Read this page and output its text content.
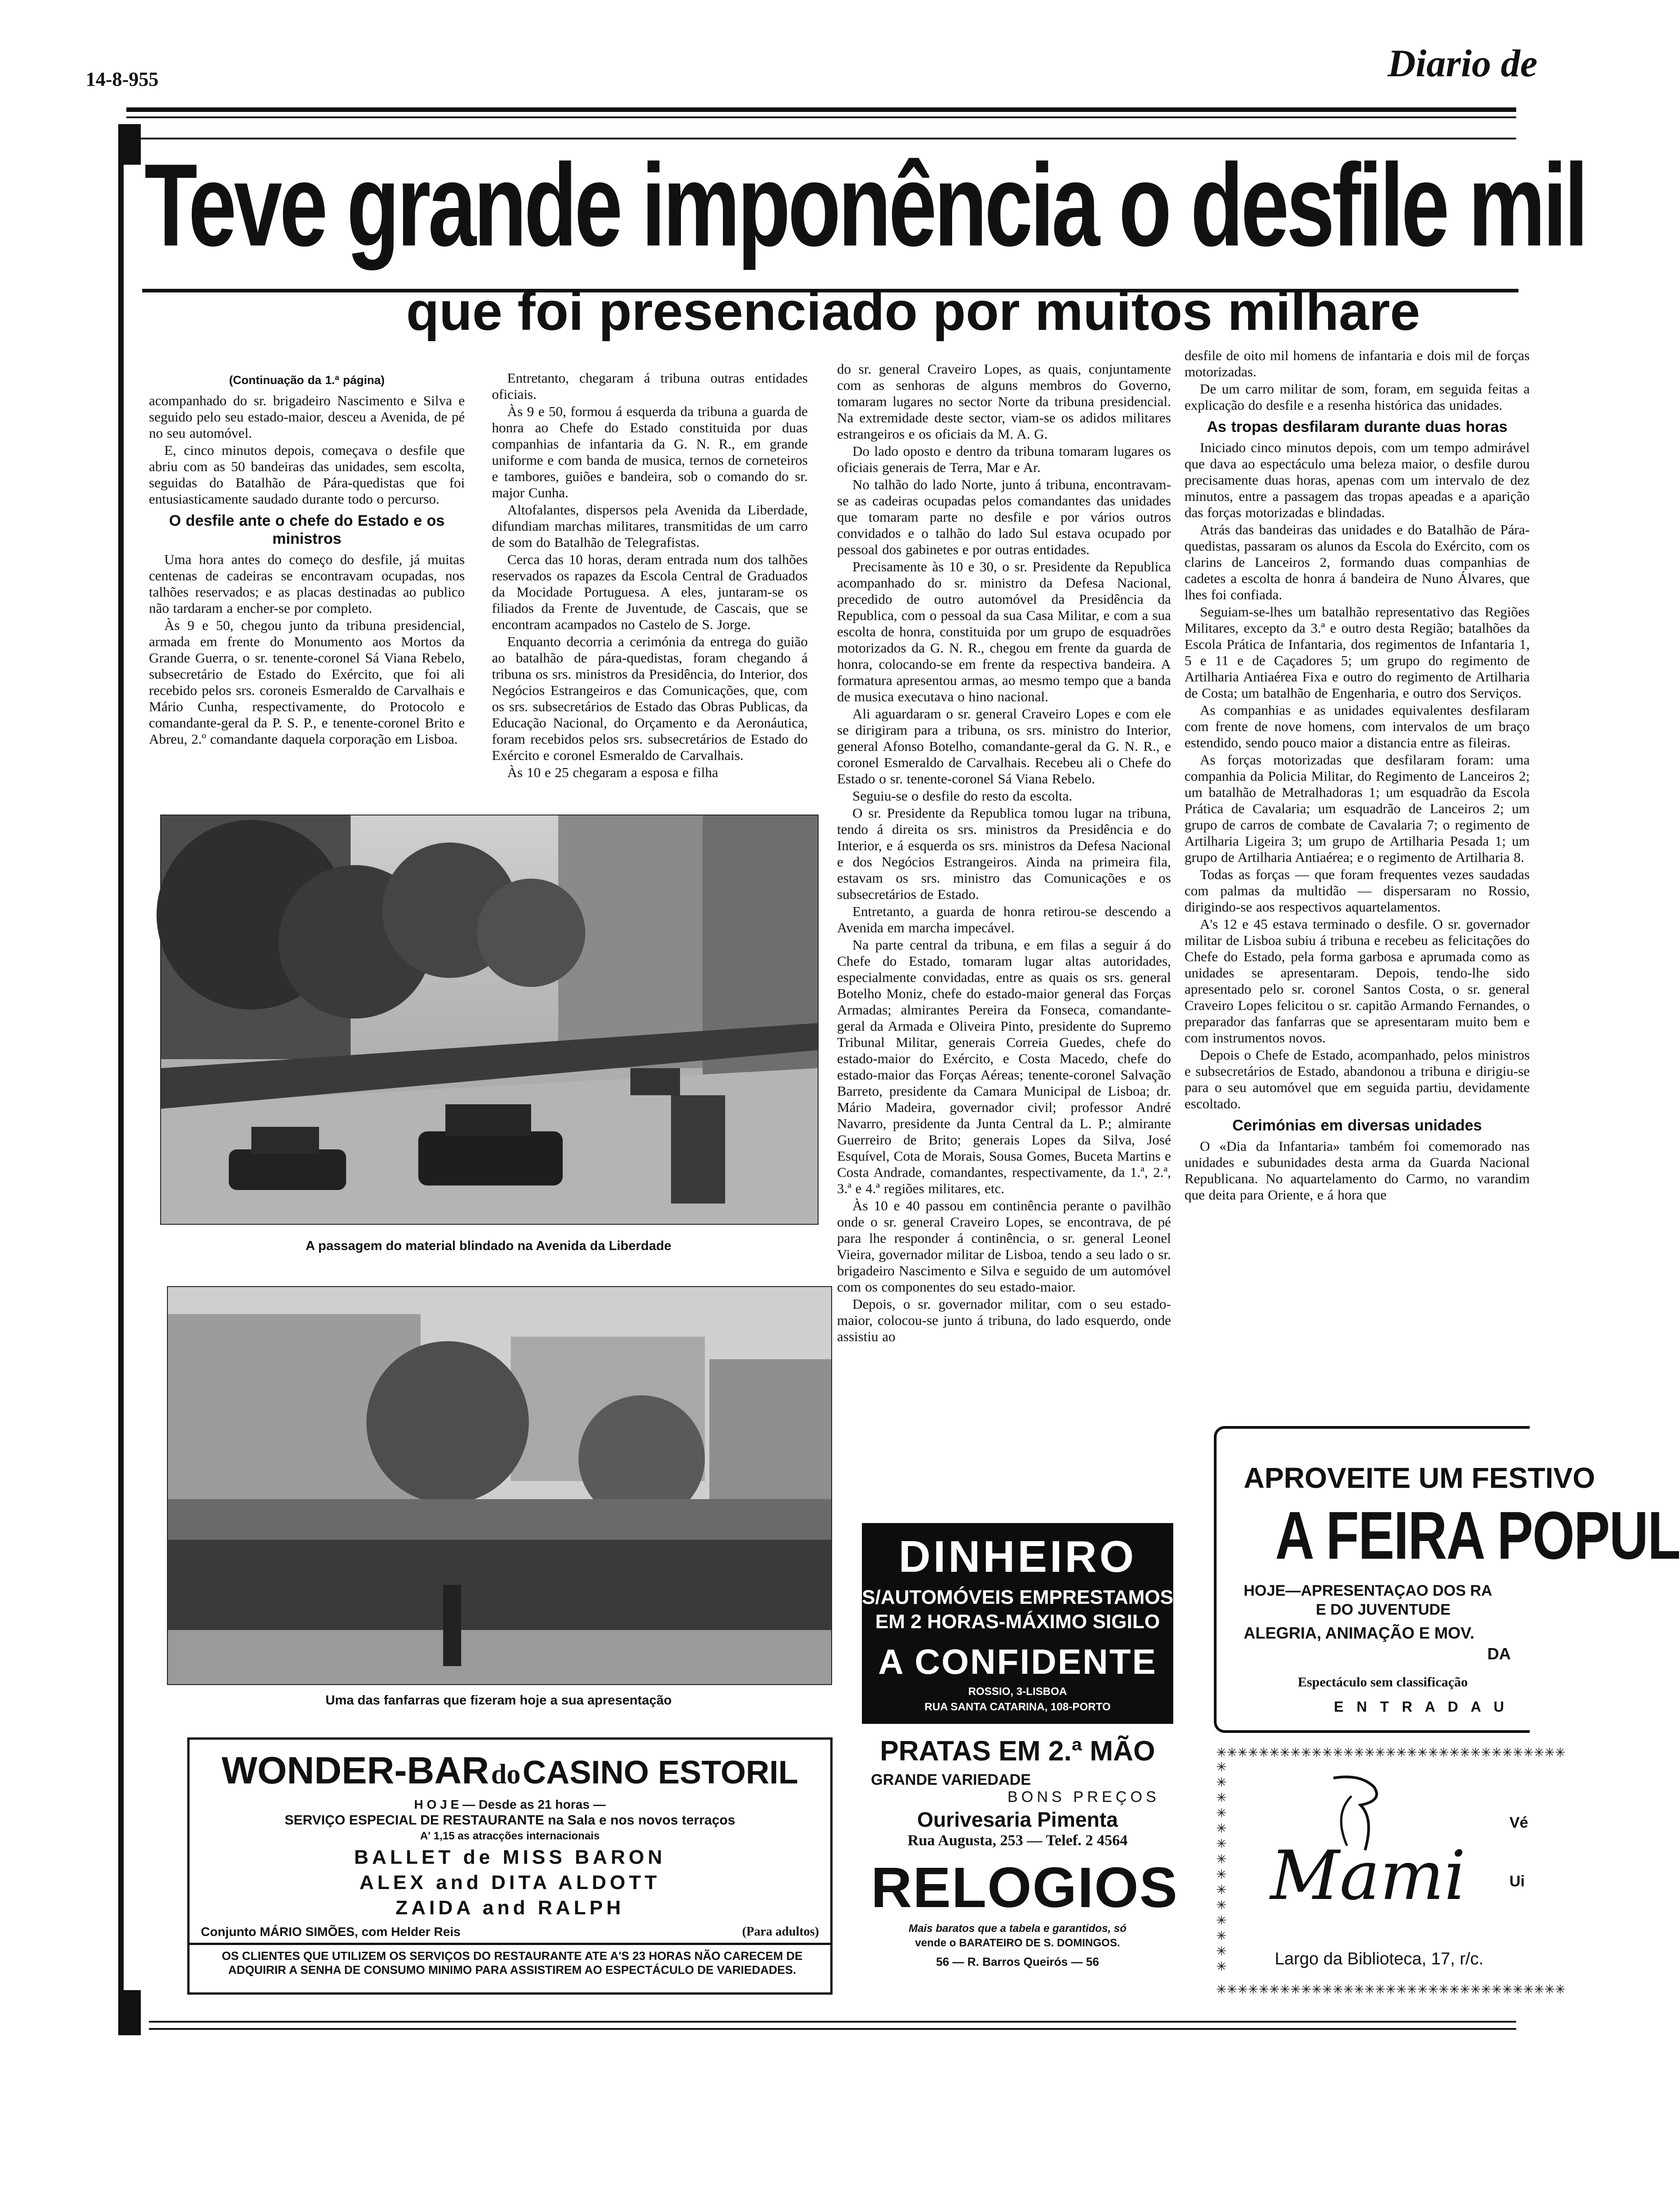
14-8-955	Diario de
Teve grande imponência o desfile mil
que foi presenciado por muitos milhare
(Continuação da 1.ª página)

acompanhado do sr. brigadeiro Nascimento e Silva e seguido pelo seu estado-maior, desceu a Avenida, de pé no seu automóvel.

E, cinco minutos depois, começava o desfile que abriu com as 50 bandeiras das unidades, sem escolta, seguidas do Batalhão de Pára-quedistas que foi entusiasticamente saudado durante todo o percurso.

O desfile ante o chefe do Estado e os ministros

Uma hora antes do começo do desfile, já muitas centenas de cadeiras se encontravam ocupadas, nos talhões reservados; e as placas destinadas ao publico não tardaram a encher-se por completo.

Às 9 e 50, chegou junto da tribuna presidencial, armada em frente do Monumento aos Mortos da Grande Guerra, o sr. tenente-coronel Sá Viana Rebelo, subsecretário de Estado do Exército, que foi ali recebido pelos srs. coroneis Esmeraldo de Carvalhais e Mário Cunha, respectivamente, do Protocolo e comandante-geral da P. S. P., e tenente-coronel Brito e Abreu, 2.º comandante daquela corporação em Lisboa.

Entretanto, chegaram á tribuna outras entidades oficiais.

Às 9 e 50, formou á esquerda da tribuna a guarda de honra ao Chefe do Estado constituida por duas companhias de infantaria da G. N. R., em grande uniforme e com banda de musica, ternos de corneteiros e tambores, guiões e bandeira, sob o comando do sr. major Cunha.

Altofalantes, dispersos pela Avenida da Liberdade, difundiam marchas militares, transmitidas de um carro de som do Batalhão de Telegrafistas.

Cerca das 10 horas, deram entrada num dos talhões reservados os rapazes da Escola Central de Graduados da Mocidade Portuguesa. A eles, juntaram-se os filiados da Frente de Juventude, de Cascais, que se encontram acampados no Castelo de S. Jorge.

Enquanto decorria a cerimónia da entrega do guião ao batalhão de pára-quedistas, foram chegando á tribuna os srs. ministros da Presidência, do Interior, dos Negócios Estrangeiros e das Comunicações, que, com os srs. subsecretários de Estado das Obras Publicas, da Educação Nacional, do Orçamento e da Aeronáutica, foram recebidos pelos srs. subsecretários de Estado do Exército e coronel Esmeraldo de Carvalhais.

Às 10 e 25 chegaram a esposa e filha

do sr. general Craveiro Lopes, as quais, conjuntamente com as senhoras de alguns membros do Governo, tomaram lugares no sector Norte da tribuna presidencial. Na extremidade deste sector, viam-se os adidos militares estrangeiros e os oficiais da M. A. G.

Do lado oposto e dentro da tribuna tomaram lugares os oficiais generais de Terra, Mar e Ar.

No talhão do lado Norte, junto á tribuna, encontravam-se as cadeiras ocupadas pelos comandantes das unidades que tomaram parte no desfile e por vários outros convidados e o talhão do lado Sul estava ocupado por pessoal dos gabinetes e por outras entidades.

Precisamente às 10 e 30, o sr. Presidente da Republica acompanhado do sr. ministro da Defesa Nacional, precedido de outro automóvel da Presidência da Republica, com o pessoal da sua Casa Militar, e com a sua escolta de honra, constituida por um grupo de esquadrões motorizados da G. N. R., chegou em frente da guarda de honra, colocando-se em frente da respectiva bandeira. A formatura apresentou armas, ao mesmo tempo que a banda de musica executava o hino nacional.

Ali aguardaram o sr. general Craveiro Lopes e com ele se dirigiram para a tribuna, os srs. ministro do Interior, general Afonso Botelho, comandante-geral da G. N. R., e coronel Esmeraldo de Carvalhais. Recebeu ali o Chefe do Estado o sr. tenente-coronel Sá Viana Rebelo.

Seguiu-se o desfile do resto da escolta.

O sr. Presidente da Republica tomou lugar na tribuna, tendo á direita os srs. ministros da Presidência e do Interior, e á esquerda os srs. ministros da Defesa Nacional e dos Negócios Estrangeiros. Ainda na primeira fila, estavam os srs. ministro das Comunicações e os subsecretários de Estado.

Entretanto, a guarda de honra retirou-se descendo a Avenida em marcha impecável.

Na parte central da tribuna, e em filas a seguir á do Chefe do Estado, tomaram lugar altas autoridades, especialmente convidadas, entre as quais os srs. general Botelho Moniz, chefe do estado-maior general das Forças Armadas; almirantes Pereira da Fonseca, comandante-geral da Armada e Oliveira Pinto, presidente do Supremo Tribunal Militar, generais Correia Guedes, chefe do estado-maior do Exército, e Costa Macedo, chefe do estado-maior das Forças Aéreas; tenente-coronel Salvação Barreto, presidente da Camara Municipal de Lisboa; dr. Mário Madeira, governador civil; professor André Navarro, presidente da Junta Central da L. P.; almirante Guerreiro de Brito; generais Lopes da Silva, José Esquível, Cota de Morais, Sousa Gomes, Buceta Martins e Costa Andrade, comandantes, respectivamente, da 1.ª, 2.ª, 3.ª e 4.ª regiões militares, etc.

Às 10 e 40 passou em continência perante o pavilhão onde o sr. general Craveiro Lopes, se encontrava, de pé para lhe responder á continência, o sr. general Leonel Vieira, governador militar de Lisboa, tendo a seu lado o sr. brigadeiro Nascimento e Silva e seguido de um automóvel com os componentes do seu estado-maior.

Depois, o sr. governador militar, com o seu estado-maior, colocou-se junto á tribuna, do lado esquerdo, onde assistiu ao

desfile de oito mil homens de infantaria e dois mil de forças motorizadas.

De um carro militar de som, foram, em seguida feitas a explicação do desfile e a resenha histórica das unidades.

As tropas desfilaram durante duas horas

Iniciado cinco minutos depois, com um tempo admirável que dava ao espectáculo uma beleza maior, o desfile durou precisamente duas horas, apenas com um intervalo de dez minutos, entre a passagem das tropas apeadas e a aparição das forças motorizadas e blindadas.

Atrás das bandeiras das unidades e do Batalhão de Pára-quedistas, passaram os alunos da Escola do Exército, com os clarins de Lanceiros 2, formando duas companhias de cadetes a escolta de honra á bandeira de Nuno Álvares, que lhes foi confiada.

Seguiam-se-lhes um batalhão representativo das Regiões Militares, excepto da 3.ª e outro desta Região; batalhões da Escola Prática de Infantaria, dos regimentos de Infantaria 1, 5 e 11 e de Caçadores 5; um grupo do regimento de Artilharia Antiaérea Fixa e outro do regimento de Artilharia de Costa; um batalhão de Engenharia, e outro dos Serviços.

As companhias e as unidades equivalentes desfilaram com frente de nove homens, com intervalos de um braço estendido, sendo pouco maior a distancia entre as fileiras.

As forças motorizadas que desfilaram foram: uma companhia da Policia Militar, do Regimento de Lanceiros 2; um batalhão de Metralhadoras 1; um esquadrão da Escola Prática de Cavalaria; um esquadrão de Lanceiros 2; um grupo de carros de combate de Cavalaria 7; o regimento de Artilharia Ligeira 3; um grupo de Artilharia Pesada 1; um grupo de Artilharia Antiaérea; e o regimento de Artilharia 8.

Todas as forças — que foram frequentes vezes saudadas com palmas da multidão — dispersaram no Rossio, dirigindo-se aos respectivos aquartelamentos.

A's 12 e 45 estava terminado o desfile. O sr. governador militar de Lisboa subiu á tribuna e recebeu as felicitações do Chefe do Estado, pela forma garbosa e aprumada como as unidades se apresentaram. Depois, tendo-lhe sido apresentado pelo sr. coronel Santos Costa, o sr. general Craveiro Lopes felicitou o sr. capitão Armando Fernandes, o preparador das fanfarras que se apresentaram muito bem e com instrumentos novos.

Depois o Chefe de Estado, acompanhado, pelos ministros e subsecretários de Estado, abandonou a tribuna e dirigiu-se para o seu automóvel que em seguida partiu, devidamente escoltado.

Cerimónias em diversas unidades

O «Dia da Infantaria» também foi comemorado nas unidades e subunidades desta arma da Guarda Nacional Republicana. No aquartelamento do Carmo, no varandim que deita para Oriente, e á hora que

A passagem do material blindado na Avenida da Liberdade
Uma das fanfarras que fizeram hoje a sua apresentação
WONDER-BAR do CASINO ESTORIL
H O J E — Desde as 21 horas —
SERVIÇO ESPECIAL DE RESTAURANTE na Sala e nos novos terraços
A' 1,15 as atracções internacionais
BALLET de MISS BARON
ALEX and DITA ALDOTT
ZAIDA and RALPH
Conjunto MÁRIO SIMÕES, com Helder Reis	(Para adultos)
OS CLIENTES QUE UTILIZEM OS SERVIÇOS DO RESTAURANTE ATE A'S 23 HORAS NÃO CARECEM DE ADQUIRIR A SENHA DE CONSUMO MINIMO PARA ASSISTIREM AO ESPECTÁCULO DE VARIEDADES.
DINHEIRO
S/AUTOMÓVEIS EMPRESTAMOS
EM 2 HORAS-MÁXIMO SIGILO
A CONFIDENTE
ROSSIO, 3-LISBOA
RUA SANTA CATARINA, 108-PORTO
PRATAS EM 2.ª MÃO
GRANDE VARIEDADE
BONS PREÇOS
Ourivesaria Pimenta
Rua Augusta, 253 — Telef. 2 4564
RELOGIOS
Mais baratos que a tabela e garantidos, só
vende o BARATEIRO DE S. DOMINGOS.
56 — R. Barros Queirós — 56
APROVEITE UM FESTIVO
A FEIRA POPUL
HOJE—APRESENTAÇAO DOS RA
E DO JUVENTUDE
ALEGRIA, ANIMAÇÃO E MOV.
DA
Espectáculo sem classificação
E N T R A D A U
✳✳✳✳✳✳✳✳✳✳✳✳✳✳✳✳✳✳✳✳✳✳✳✳✳✳✳✳✳✳✳✳✳
✳
✳
✳
✳
✳
✳
✳
✳
✳
✳
✳
✳
✳
✳
✳✳✳✳✳✳✳✳✳✳✳✳✳✳✳✳✳✳✳✳✳✳✳✳✳✳✳✳✳✳✳✳✳
Mami
Vé
Ui
Largo da Biblioteca, 17, r/c.
